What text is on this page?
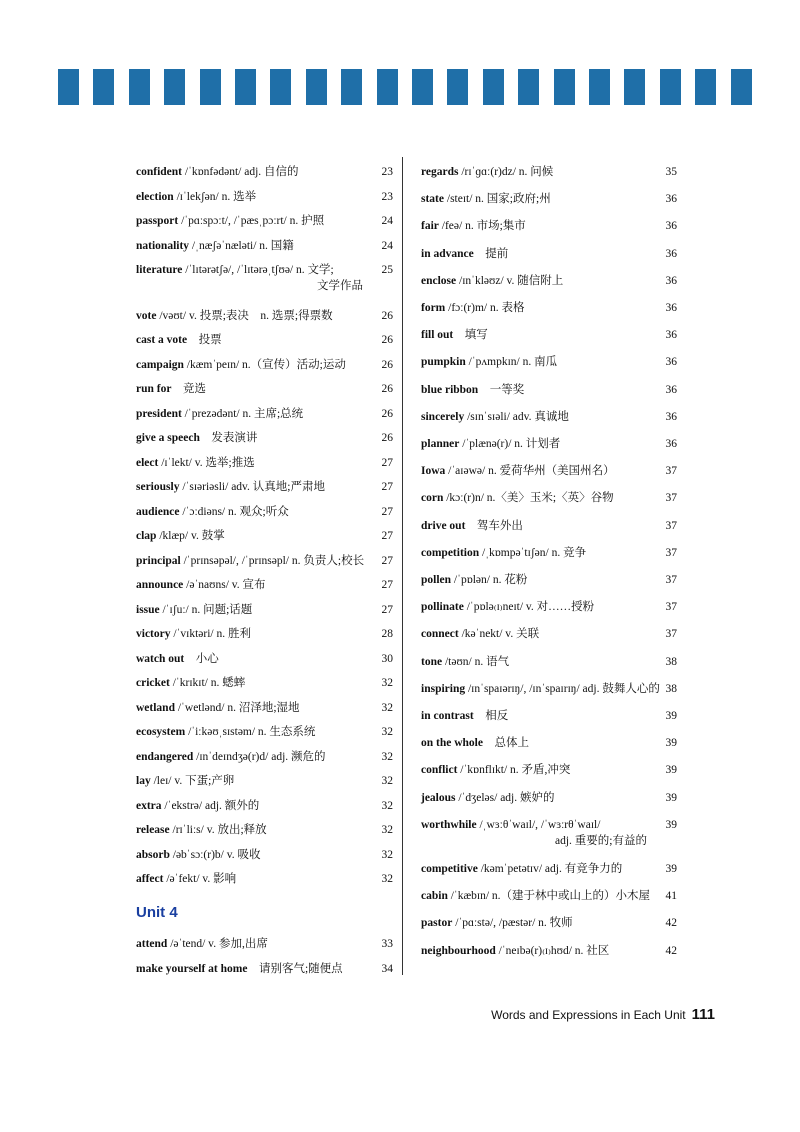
confident /ˈkɒnfədənt/ adj. 自信的	23
election /ɪˈlekʃən/ n. 选举	23
passport /ˈpɑːspɔːt/, /ˈpæsˌpɔːrt/ n. 护照	24
nationality /ˌnæʃəˈnæləti/ n. 国籍	24
literature /ˈlɪtərətʃə/, /ˈlɪtərəˌtʃʊə/ n. 文学;
文学作品
25
vote /vəʊt/ v. 投票;表决　n. 选票;得票数	26
cast a vote　投票	26
campaign /kæmˈpeɪn/ n.（宣传）活动;运动	26
run for　竞选	26
president /ˈprezədənt/ n. 主席;总统	26
give a speech　发表演讲	26
elect /ɪˈlekt/ v. 选举;推选	27
seriously /ˈsɪəriəsli/ adv. 认真地;严肃地	27
audience /ˈɔːdiəns/ n. 观众;听众	27
clap /klæp/ v. 鼓掌	27
principal /ˈprɪnsəpəl/, /ˈprɪnsəpl/ n. 负责人;校长	27
announce /əˈnaʊns/ v. 宣布	27
issue /ˈɪʃuː/ n. 问题;话题	27
victory /ˈvɪktəri/ n. 胜利	28
watch out　小心	30
cricket /ˈkrɪkɪt/ n. 蟋蟀	32
wetland /ˈwetlənd/ n. 沼泽地;湿地	32
ecosystem /ˈiːkəʊˌsɪstəm/ n. 生态系统	32
endangered /ɪnˈdeɪndʒə(r)d/ adj. 濒危的	32
lay /leɪ/ v. 下蛋;产卵	32
extra /ˈekstrə/ adj. 额外的	32
release /rɪˈliːs/ v. 放出;释放	32
absorb /əbˈsɔː(r)b/ v. 吸收	32
affect /əˈfekt/ v. 影响	32
Unit 4
attend /əˈtend/ v. 参加,出席	33
make yourself at home　请别客气;随便点	34
regards /rɪˈɡɑː(r)dz/ n. 问候	35
state /steɪt/ n. 国家;政府;州	36
fair /feə/ n. 市场;集市	36
in advance　提前	36
enclose /ɪnˈkləʊz/ v. 随信附上	36
form /fɔː(r)m/ n. 表格	36
fill out　填写	36
pumpkin /ˈpʌmpkɪn/ n. 南瓜	36
blue ribbon　一等奖	36
sincerely /sɪnˈsɪəli/ adv. 真诚地	36
planner /ˈplænə(r)/ n. 计划者	36
Iowa /ˈaɪəwə/ n. 爱荷华州（美国州名）	37
corn /kɔː(r)n/ n.〈美〉玉米;〈英〉谷物	37
drive out　驾车外出	37
competition /ˌkɒmpəˈtɪʃən/ n. 竞争	37
pollen /ˈpɒlən/ n. 花粉	37
pollinate /ˈpɒlə₍ɪ₎neɪt/ v. 对……授粉	37
connect /kəˈnekt/ v. 关联	37
tone /təʊn/ n. 语气	38
inspiring /ɪnˈspaɪərɪŋ/, /ɪnˈspaɪrɪŋ/ adj. 鼓舞人心的 38
in contrast　相反	39
on the whole　总体上	39
conflict /ˈkɒnflɪkt/ n. 矛盾,冲突	39
jealous /ˈdʒeləs/ adj. 嫉妒的	39
worthwhile /ˌwɜːθˈwaɪl/, /ˈwɜːrθˈwaɪl/
adj. 重要的;有益的
39
competitive /kəmˈpetətɪv/ adj. 有竞争力的	39
cabin /ˈkæbɪn/ n.（建于林中或山上的）小木屋	41
pastor /ˈpɑːstə/, /pæstər/ n. 牧师	42
neighbourhood /ˈneɪbə(r)₍ɪ₎hʊd/ n. 社区	42
Words and Expressions in Each Unit 111
